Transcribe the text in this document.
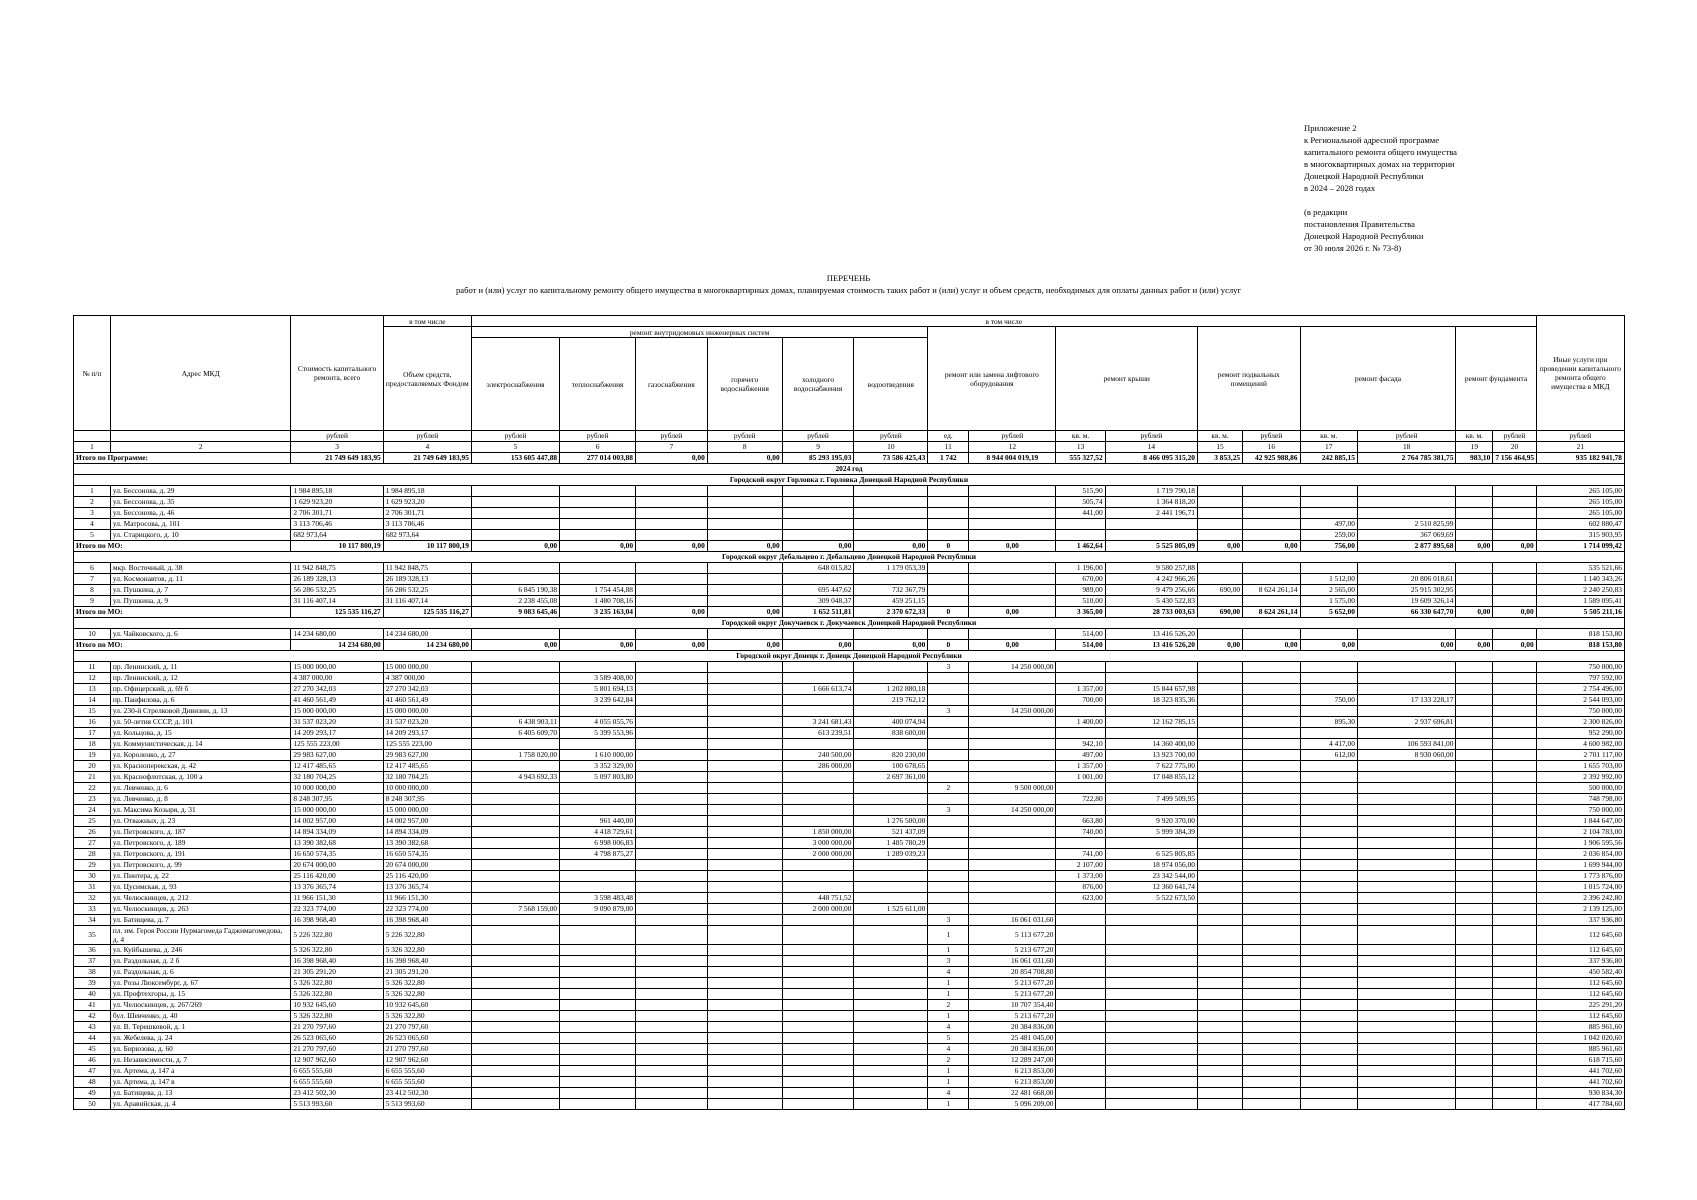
Приложение 2
к Региональной адресной программе
капитального ремонта общего имущества
в многоквартирных домах на территории
Донецкой Народной Республики
в 2024 – 2028 годах

(в редакции
постановления Правительства
Донецкой Народной Республики
от 30 июля 2026 г. № 73-8)
ПЕРЕЧЕНЬ
работ и (или) услуг по капитальному ремонту общего имущества в многоквартирных домах, планируемая стоимость таких работ и (или) услуг и объем средств, необходимых для оплаты данных работ и (или) услуг
№ п/п	Адрес МКД	Стоимость капитального ремонта, всего	в том числе	в том числе																Иные услуги при проведении капитального ремонта общего имущества в МКД
			Объем средств, предоставляемых Фондом	ремонт внутридомовых инженерных систем						ремонт или замена лифтового оборудования		ремонт крыши		ремонт подвальных помещений		ремонт фасада		ремонт фундамента		
				электроснабжения	теплоснабжения	газоснабжения	горячего водоснабжения	холодного водоснабжения	водоотведения											
		рублей	рублей	рублей	рублей	рублей	рублей	рублей	рублей	ед.	рублей	кв. м.	рублей	кв. м.	рублей	кв. м.	рублей	кв. м.	рублей	рублей
1	2	3	4	5	6	7	8	9	10	11	12	13	14	15	16	17	18	19	20	21
Итого по Программе:		21 749 649 183,95	21 749 649 183,95	153 605 447,88	277 014 003,88	0,00	0,00	85 293 195,03	73 586 425,43	1 742	8 944 004 019,19	555 327,52	8 466 095 315,20	3 853,25	42 925 988,86	242 885,15	2 764 785 381,75	983,10	7 156 464,95	935 182 941,78
2024 год																				
Городской округ Горловка г. Горловка Донецкой Народной Республики																				
1	ул. Бессонова, д. 29	1 984 895,18	1 984 895,18									515,90	1 719 790,18							265 105,00
2	ул. Бессонова, д. 35	1 629 923,20	1 629 923,20									505,74	1 364 818,20							265 105,00
3	ул. Бессонова, д. 46	2 706 301,71	2 706 301,71									441,00	2 441 196,71							265 105,00
4	ул. Матросова, д. 101	3 113 706,46	3 113 706,46													497,00	2 510 825,99			602 880,47
5	ул. Старицкого, д. 10	682 973,64	682 973,64													259,00	367 069,69			315 903,95
Итого по МО:		10 117 800,19	10 117 800,19	0,00	0,00	0,00	0,00	0,00	0,00	0	0,00	1 462,64	5 525 805,09	0,00	0,00	756,00	2 877 895,68	0,00	0,00	1 714 099,42
Городской округ Дебальцево г. Дебальцево Донецкой Народной Республики																				
6	мкр. Восточный, д. 38	11 942 848,75	11 942 848,75					648 015,82	1 179 053,39			1 196,00	9 580 257,88							535 521,66
7	ул. Космонавтов, д. 11	26 189 328,13	26 189 328,13									670,00	4 242 966,26			1 512,00	20 806 018,61			1 140 343,26
8	ул. Пушкина, д. 7	56 286 532,25	56 286 532,25	6 845 190,38	1 754 454,88			695 447,62	732 367,79			989,00	9 479 256,66	690,00	8 624 261,14	2 565,00	25 915 302,95			2 240 250,83
9	ул. Пушкина, д. 9	31 116 407,14	31 116 407,14	2 238 455,08	1 480 708,16			309 048,37	459 251,15			510,00	5 430 522,83			1 575,00	19 609 326,14			1 589 095,41
Итого по МО:		125 535 116,27	125 535 116,27	9 083 645,46	3 235 163,04	0,00	0,00	1 652 511,81	2 370 672,33	0	0,00	3 365,00	28 733 003,63	690,00	8 624 261,14	5 652,00	66 330 647,70	0,00	0,00	5 505 211,16
Городской округ Докучаевск г. Докучаевск Донецкой Народной Республики																				
10	ул. Чайковского, д. 6	14 234 680,00	14 234 680,00									514,00	13 416 526,20							818 153,80
Итого по МО:		14 234 680,00	14 234 680,00	0,00	0,00	0,00	0,00	0,00	0,00	0	0,00	514,00	13 416 526,20	0,00	0,00	0,00	0,00	0,00	0,00	818 153,80
Городской округ Донецк г. Донецк Донецкой Народной Республики																				
11	пр. Ленинский, д. 11	15 000 000,00	15 000 000,00							3	14 250 000,00									750 000,00
12	пр. Ленинский, д. 12	4 387 000,00	4 387 000,00		3 589 408,00															797 592,00
13	пр. Офицерский, д. 69 б	27 270 342,03	27 270 342,03		5 801 694,13			1 666 613,74	1 202 880,18			1 357,00	15 844 657,98							2 754 496,00
14	пр. Панфилова, д. 6	41 460 561,49	41 460 561,49		3 239 642,84				219 762,12			700,00	18 323 835,36			750,00	17 133 228,17			2 544 093,00
15	ул. 230-й Стрелковой Дивизии, д. 13	15 000 000,00	15 000 000,00							3	14 250 000,00									750 000,00
16	ул. 50-летия СССР, д. 101	31 537 023,20	31 537 023,20	6 438 903,11	4 055 055,76			3 241 681,43	400 074,94			1 400,00	12 162 785,15			895,30	2 937 696,81			2 300 826,00
17	ул. Кольцова, д. 15	14 209 293,17	14 209 293,17	6 405 609,70	5 399 553,96			613 239,51	838 600,00											952 290,00
18	ул. Коммунистическая, д. 14	125 555 223,00	125 555 223,00									942,10	14 360 400,00			4 417,00	106 593 841,00			4 600 982,00
19	ул. Короленко, д. 27	29 983 627,00	29 983 627,00	1 758 020,00	1 610 000,00			240 500,00	820 230,00			497,00	13 923 700,00			612,00	8 930 060,00			2 701 117,00
20	ул. Красноперекская, д. 42	12 417 485,65	12 417 485,65		3 352 329,00			286 000,00	100 678,65			1 357,00	7 622 775,00							1 655 703,00
21	ул. Краснофлотская, д. 100 а	32 180 704,25	32 180 704,25	4 943 692,33	5 097 803,80				2 697 361,00			1 001,00	17 048 855,12							2 392 992,00
22	ул. Левченко, д. 6	10 000 000,00	10 000 000,00							2	9 500 000,00									500 000,00
23	ул. Левченко, д. 8	8 248 307,95	8 248 307,95									722,80	7 499 509,95							748 798,00
24	ул. Максима Козыря, д. 31	15 000 000,00	15 000 000,00							3	14 250 000,00									750 000,00
25	ул. Отважных, д. 23	14 002 957,00	14 002 957,00		961 440,00				1 276 500,00			663,80	9 920 370,00							1 844 647,00
26	ул. Петровского, д. 187	14 894 334,09	14 894 334,09		4 418 729,61			1 850 000,00	521 437,09			740,00	5 999 384,39							2 104 783,00
27	ул. Петровского, д. 189	13 390 382,68	13 390 382,68		6 998 006,83			3 000 000,00	1 485 780,29											1 906 595,56
28	ул. Петровского, д. 191	16 650 574,35	16 650 574,35		4 798 875,27			2 000 000,00	1 289 039,23			741,00	6 525 805,85							2 036 854,00
29	ул. Петровского, д. 99	20 674 000,00	20 674 000,00									2 107,00	18 974 056,00							1 699 944,00
30	ул. Пинтера, д. 22	25 116 420,00	25 116 420,00									1 373,00	23 342 544,00							1 773 876,00
31	ул. Цусимская, д. 93	13 376 365,74	13 376 365,74									876,00	12 360 641,74							1 015 724,00
32	ул. Челюскинцев, д. 212	11 966 151,30	11 966 151,30		3 598 483,48			448 751,52				623,00	5 522 673,50							2 396 242,80
33	ул. Челюскинцев, д. 263	22 323 774,00	22 323 774,00	7 568 159,00	9 090 879,00			2 000 000,00	1 525 611,00											2 139 125,00
34	ул. Батищева, д. 7	16 398 968,40	16 398 968,40							3	16 061 031,60									337 936,80
35	пл. им. Героя России Нурмагомеда Гаджимагомедова, д. 4	5 226 322,80	5 226 322,80							1	5 113 677,20									112 645,60
36	ул. Куйбышева, д. 246	5 326 322,80	5 326 322,80							1	5 213 677,20									112 645,60
37	ул. Раздольная, д. 2 б	16 398 968,40	16 398 968,40							3	16 061 031,60									337 936,80
38	ул. Раздольная, д. 6	21 305 291,20	21 305 291,20							4	20 854 708,80									450 582,40
39	ул. Розы Люксембург, д. 67	5 326 322,80	5 326 322,80							1	5 213 677,20									112 645,60
40	ул. Профтехгоры, д. 15	5 326 322,80	5 326 322,80							1	5 213 677,20									112 645,60
41	ул. Челюскинцев, д. 267/269	10 932 645,60	10 932 645,60							2	10 707 354,40									225 291,20
42	бул. Шевченко, д. 40	5 326 322,80	5 326 322,80							1	5 213 677,20									112 645,60
43	ул. В. Терешковой, д. 1	21 270 797,60	21 270 797,60							4	20 384 836,00									885 961,60
44	ул. Жебелева, д. 24	26 523 065,60	26 523 065,60							5	25 481 045,00									1 042 020,60
45	ул. Бирюзова, д. 60	21 270 797,60	21 270 797,60							4	20 384 836,00									885 961,60
46	ул. Независимости, д. 7	12 907 962,60	12 907 962,60							2	12 289 247,00									618 715,60
47	ул. Артема, д. 147 а	6 655 555,60	6 655 555,60							1	6 213 853,00									441 702,60
48	ул. Артема, д. 147 в	6 655 555,60	6 655 555,60							1	6 213 853,00									441 702,60
49	ул. Батищева, д. 13	23 412 502,30	23 412 502,30							4	22 481 668,00									930 834,30
50	ул. Аравийская, д. 4	5 513 993,60	5 513 993,60							1	5 096 209,00									417 784,60
